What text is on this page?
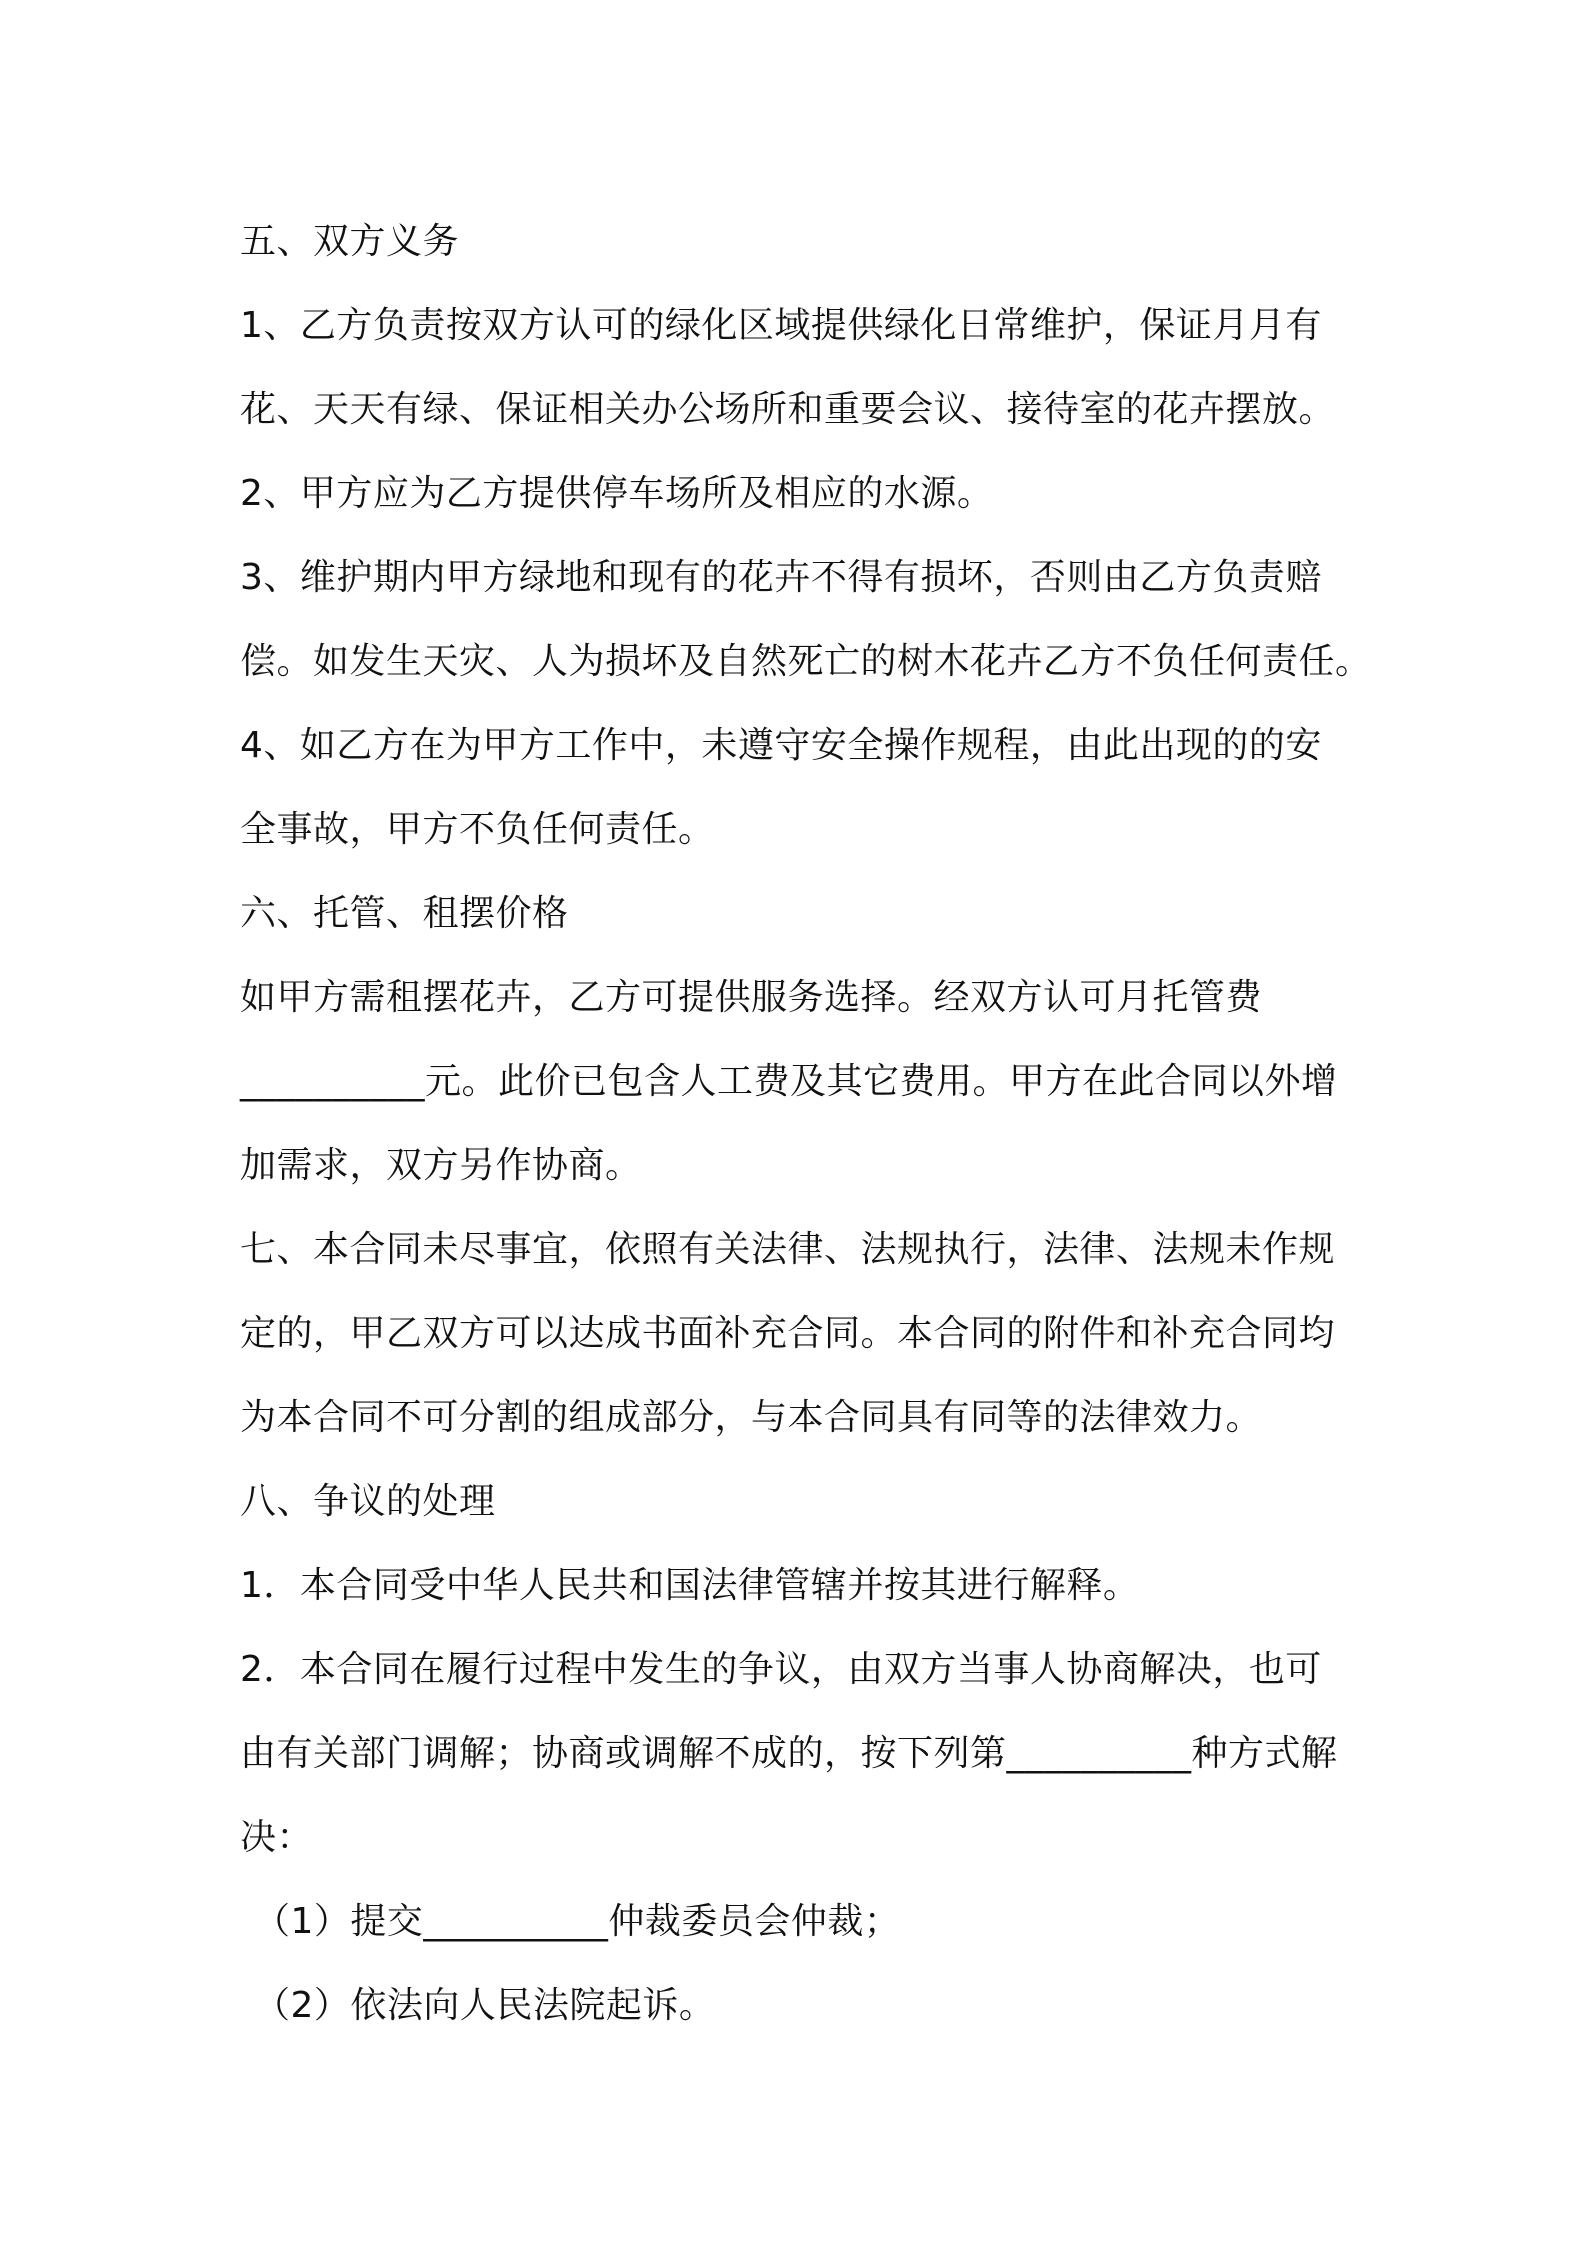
五、双方义务
1、乙方负责按双方认可的绿化区域提供绿化日常维护，保证月月有
花、天天有绿、保证相关办公场所和重要会议、接待室的花卉摆放。
2、甲方应为乙方提供停车场所及相应的水源。
3、维护期内甲方绿地和现有的花卉不得有损坏，否则由乙方负责赔
偿。如发生天灾、人为损坏及自然死亡的树木花卉乙方不负任何责任。
4、如乙方在为甲方工作中，未遵守安全操作规程，由此出现的的安
全事故，甲方不负任何责任。
六、托管、租摆价格
如甲方需租摆花卉，乙方可提供服务选择。经双方认可月托管费
__________元。此价已包含人工费及其它费用。甲方在此合同以外增
加需求，双方另作协商。
七、本合同未尽事宜，依照有关法律、法规执行，法律、法规未作规
定的，甲乙双方可以达成书面补充合同。本合同的附件和补充合同均
为本合同不可分割的组成部分，与本合同具有同等的法律效力。
八、争议的处理
1．本合同受中华人民共和国法律管辖并按其进行解释。
2．本合同在履行过程中发生的争议，由双方当事人协商解决，也可
由有关部门调解；协商或调解不成的，按下列第__________种方式解
决：
（1）提交__________仲裁委员会仲裁；
（2）依法向人民法院起诉。
